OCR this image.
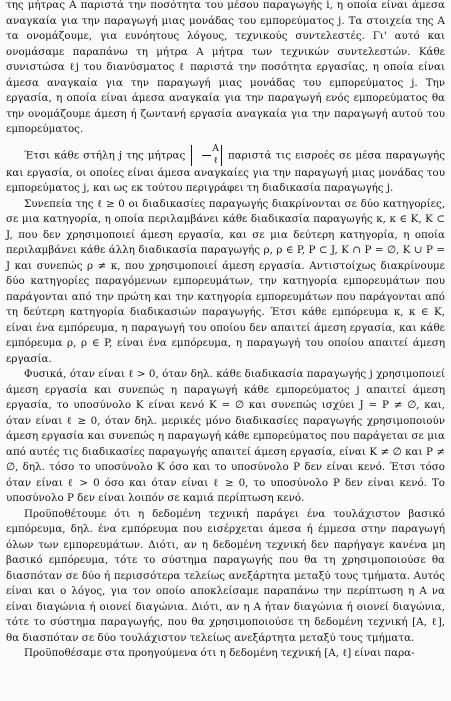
της μήτρας A παριστά την ποσότητα του μέσου παραγωγής i, η οποία είναι άμεσα αναγκαία για την παραγωγή μιας μονάδας του εμπορεύματος j. Τα στοιχεία της A τα ονομάζουμε, για ευνόητους λόγους, τεχνικούς συντελεστές. Γι' αυτό και ονομάσαμε παραπάνω τη μήτρα A μήτρα των τεχνικών συντελεστών. Κάθε συνιστώσα ℓj του διανύσματος ℓ παριστά την ποσότητα εργασίας, η οποία είναι άμεσα αναγκαία για την παραγωγή μιας μονάδας του εμπορεύματος j. Την εργασία, η οποία είναι άμεσα αναγκαία για την παραγωγή ενός εμπορεύματος θα την ονομάζουμε άμεση ή ζωντανή εργασία αναγκαία για την παραγωγή αυτού του εμπορεύματος.

Έτσι κάθε στήλη j της μήτρας
A
ℓ παριστά τις εισροές σε μέσα παραγωγής και εργασία, οι οποίες είναι άμεσα αναγκαίες για την παραγωγή μιας μονάδας του εμπορεύματος j, και ως εκ τούτου περιγράφει τη διαδικασία παραγωγής j.

Συνεπεία της ℓ ≥ 0 οι διαδικασίες παραγωγής διακρίνονται σε δύο κατηγορίες, σε μια κατηγορία, η οποία περιλαμβάνει κάθε διαδικασία παραγωγής κ, κ ∈ K, K ⊂ J, που δεν χρησιμοποιεί άμεση εργασία, και σε μια δεύτερη κατηγορία, η οποία περιλαμβάνει κάθε άλλη διαδικασία παραγωγής ρ, ρ ∈ P, P ⊂ J, K ∩ P = ∅, K ∪ P = J και συνεπώς ρ ≠ κ, που χρησιμοποιεί άμεση εργασία. Αντιστοίχως διακρίνουμε δύο κατηγορίες παραγόμενων εμπορευμάτων, την κατηγορία εμπορευμάτων που παράγονται από την πρώτη και την κατηγορία εμπορευμάτων που παράγονται από τη δεύτερη κατηγορία διαδικασιών παραγωγής. Έτσι κάθε εμπόρευμα κ, κ ∈ K, είναι ένα εμπόρευμα, η παραγωγή του οποίου δεν απαιτεί άμεση εργασία, και κάθε εμπόρευμα ρ, ρ ∈ P, είναι ένα εμπόρευμα, η παραγωγή του οποίου απαιτεί άμεση εργασία.

Φυσικά, όταν είναι ℓ > 0, όταν δηλ. κάθε διαδικασία παραγωγής j χρησιμοποιεί άμεση εργασία και συνεπώς η παραγωγή κάθε εμπορεύματος j απαιτεί άμεση εργασία, το υποσύνολο K είναι κενό K = ∅ και συνεπώς ισχύει J = P ≠ ∅, και, όταν είναι ℓ ≥ 0, όταν δηλ. μερικές μόνο διαδικασίες παραγωγής χρησιμοποιούν άμεση εργασία και συνεπώς η παραγωγή κάθε εμπορεύματος που παράγεται σε μια από αυτές τις διαδικασίες παραγωγής απαιτεί άμεση εργασία, είναι K ≠ ∅ και P ≠ ∅, δηλ. τόσο το υποσύνολο K όσο και το υποσύνολο P δεν είναι κενό. Έτσι τόσο όταν είναι ℓ > 0 όσο και όταν είναι ℓ ≥ 0, το υποσύνολο P δεν είναι κενό. Το υποσύνολο P δεν είναι λοιπόν σε καμιά περίπτωση κενό.

Προϋποθέτουμε ότι η δεδομένη τεχνική παράγει ένα τουλάχιστον βασικό εμπόρευμα, δηλ. ένα εμπόρευμα που εισέρχεται άμεσα ή έμμεσα στην παραγωγή όλων των εμπορευμάτων. Διότι, αν η δεδομένη τεχνική δεν παρήγαγε κανένα μη βασικό εμπόρευμα, τότε το σύστημα παραγωγής που θα τη χρησιμοποιούσε θα διασπόταν σε δύο ή περισσότερα τελείως ανεξάρτητα μεταξύ τους τμήματα. Αυτός είναι και ο λόγος, για τον οποίο αποκλείσαμε παραπάνω την περίπτωση η A να είναι διαγώνια ή οιονεί διαγώνια. Διότι, αν η A ήταν διαγώνια ή οιονεί διαγώνια, τότε το σύστημα παραγωγής, που θα χρησιμοποιούσε τη δεδομένη τεχνική [A, ℓ], θα διασπόταν σε δύο τουλάχιστον τελείως ανεξάρτητα μεταξύ τους τμήματα.

Προϋποθέσαμε στα προηγούμενα ότι η δεδομένη τεχνική [A, ℓ] είναι παρα-
